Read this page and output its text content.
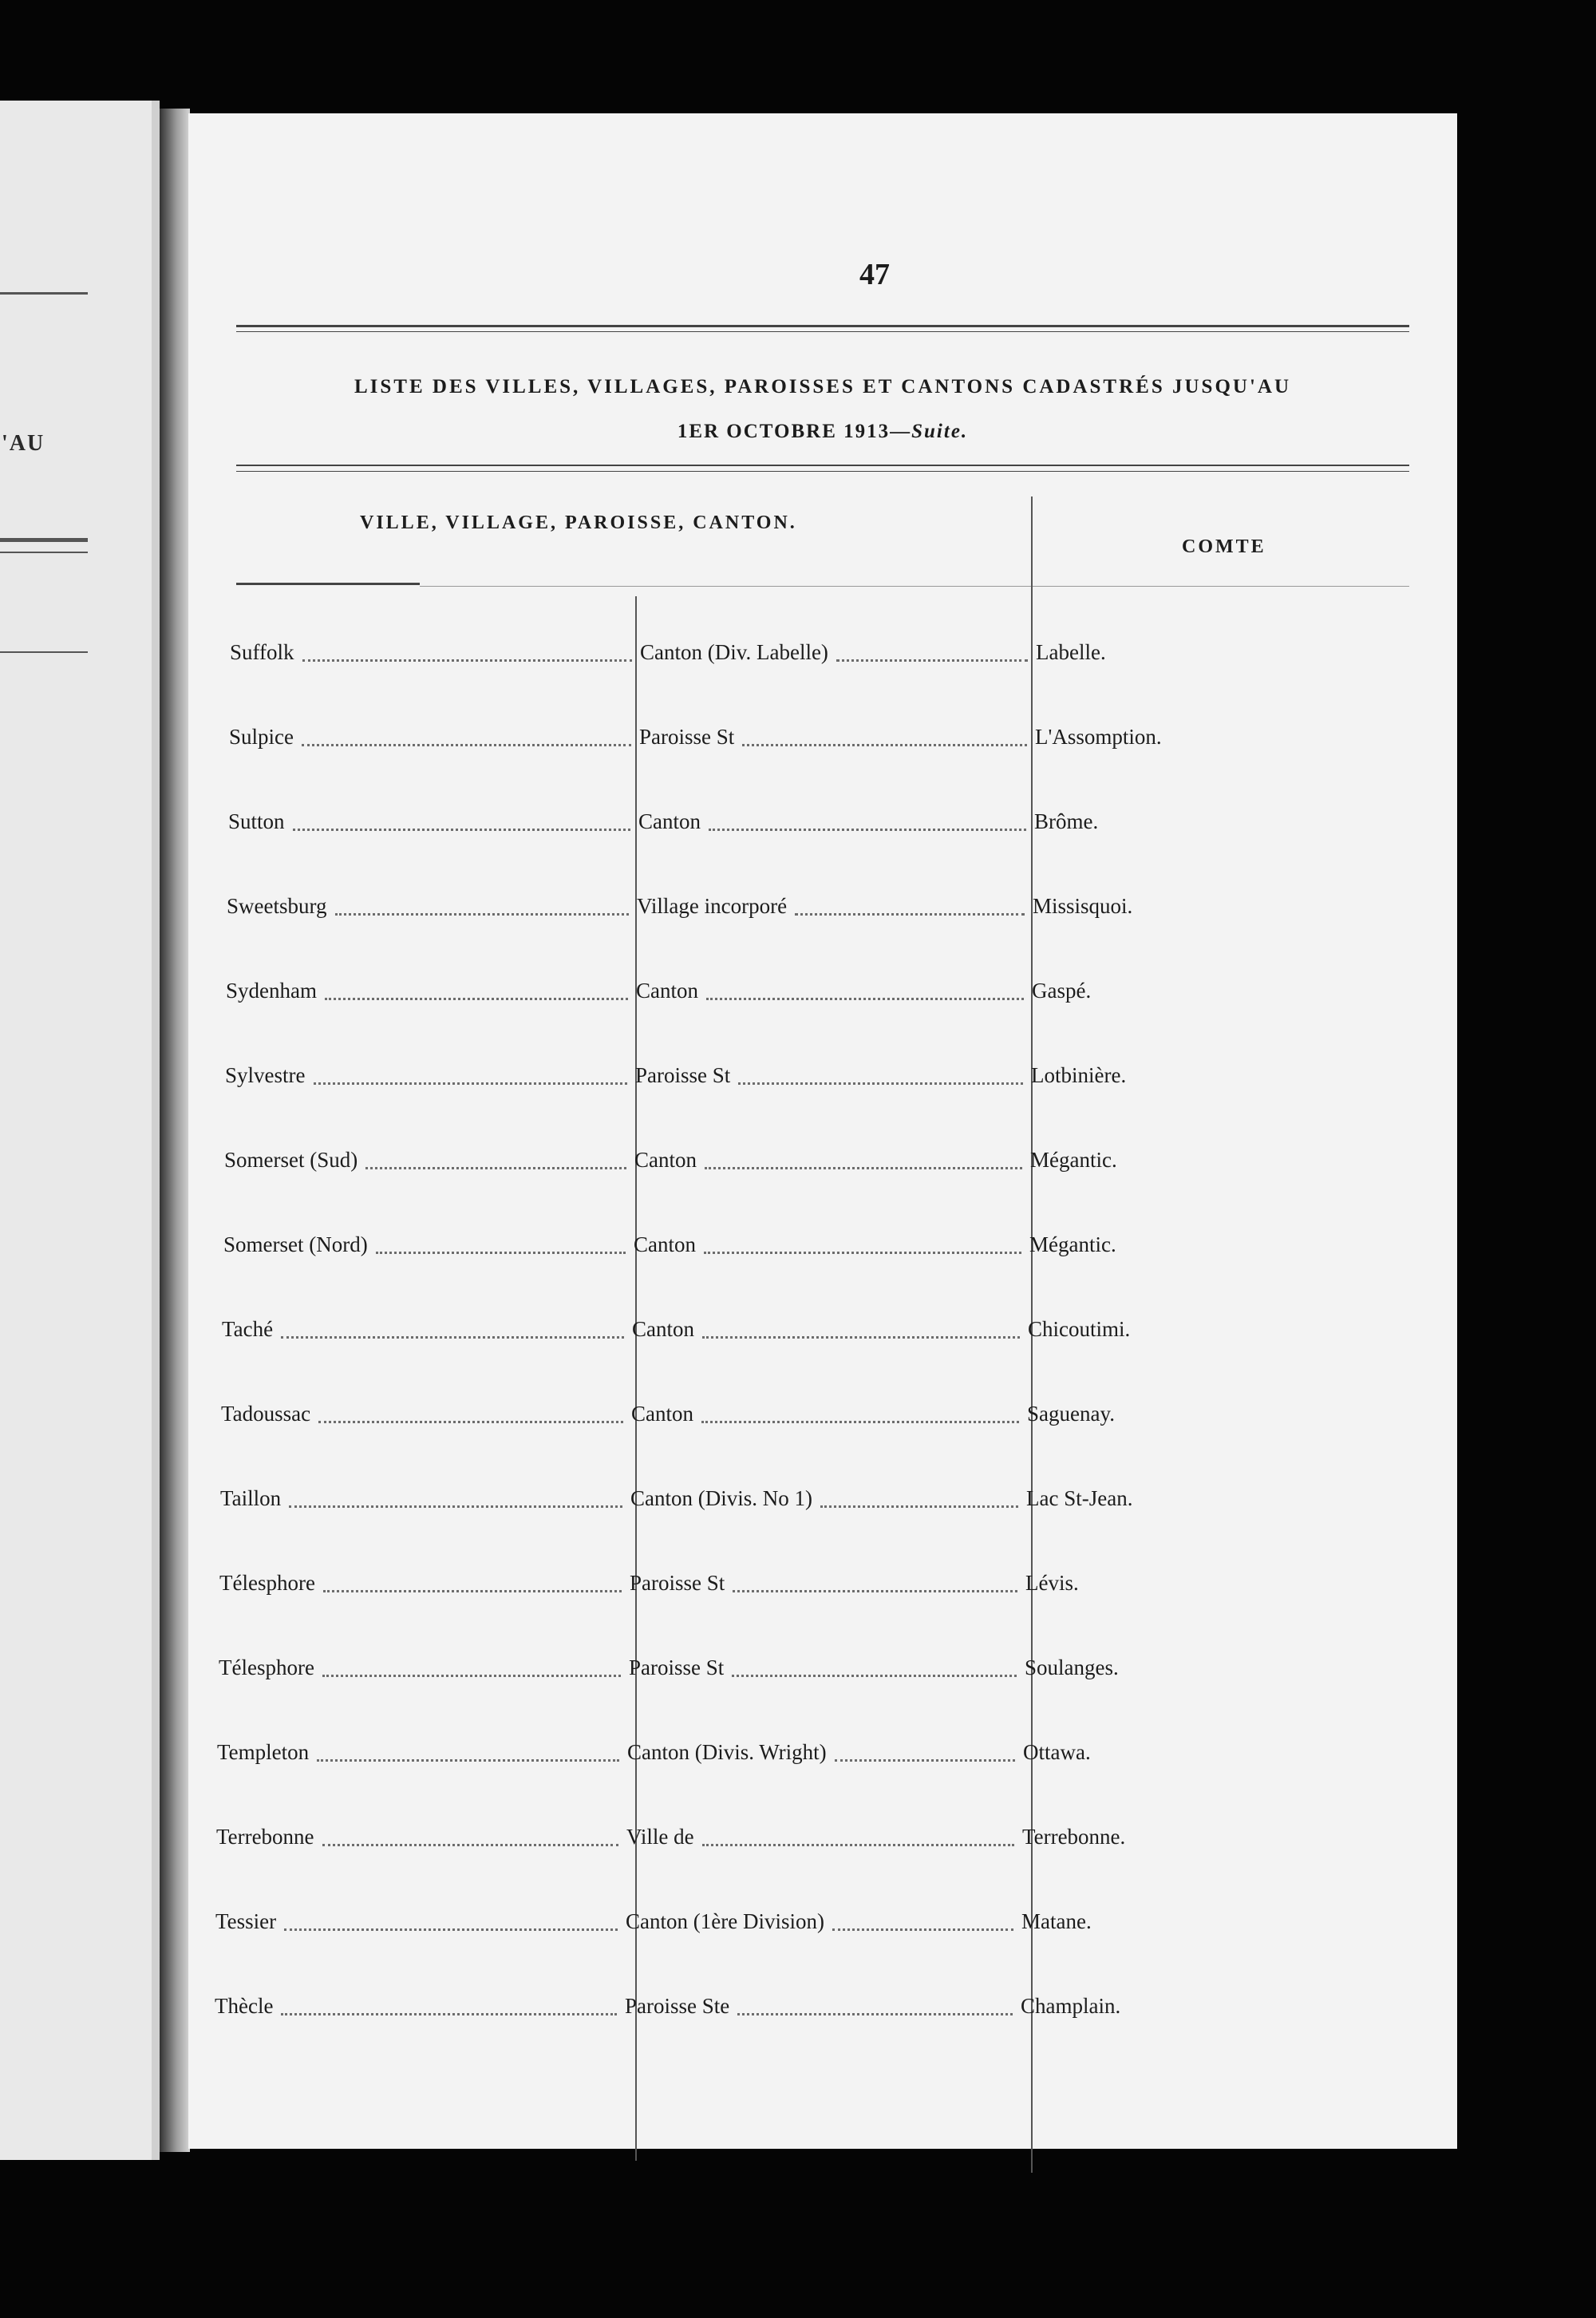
'AU
47
LISTE DES VILLES, VILLAGES, PAROISSES ET CANTONS CADASTRÉS JUSQU'AU
1ER OCTOBRE 1913—Suite.
VILLE, VILLAGE, PAROISSE, CANTON.
COMTE
Suffolk	Canton (Div. Labelle)	Labelle.
Sulpice	Paroisse St	L'Assomption.
Sutton	Canton	Brôme.
Sweetsburg	Village incorporé	Missisquoi.
Sydenham	Canton	Gaspé.
Sylvestre	Paroisse St	Lotbinière.
Somerset (Sud)	Canton	Mégantic.
Somerset (Nord)	Canton	Mégantic.
Taché	Canton	Chicoutimi.
Tadoussac	Canton	Saguenay.
Taillon	Canton (Divis. No 1)	Lac St-Jean.
Télesphore	Paroisse St	Lévis.
Télesphore	Paroisse St	Soulanges.
Templeton	Canton (Divis. Wright)	Ottawa.
Terrebonne	Ville de	Terrebonne.
Tessier	Canton (1ère Division)	Matane.
Thècle	Paroisse Ste	Champlain.
